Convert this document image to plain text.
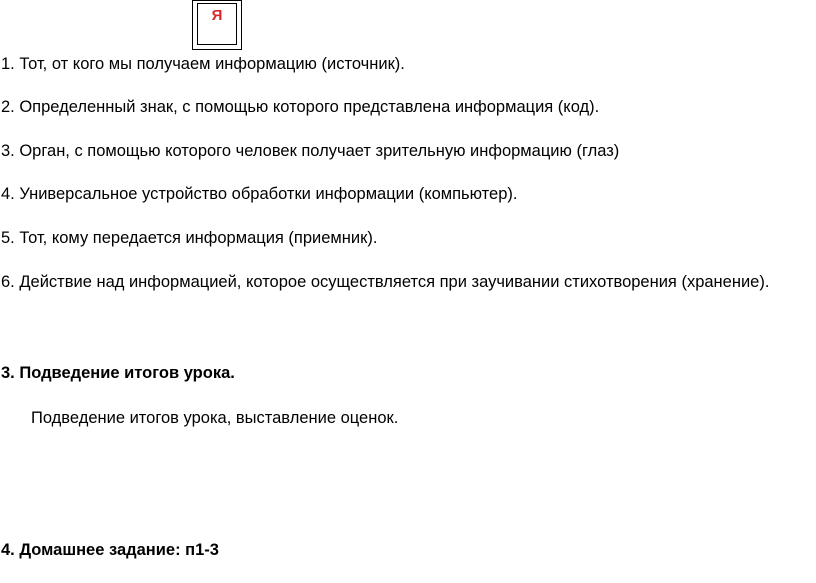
Я
1. Тот, от кого мы получаем информацию (источник).
2. Определенный знак, с помощью которого представлена информация (код).
3. Орган, с помощью которого человек получает зрительную информацию (глаз)
4. Универсальное устройство обработки информации (компьютер).
5. Тот, кому передается информация (приемник).
6. Действие над информацией, которое осуществляется при заучивании стихотворения (хранение).
3. Подведение итогов урока.
Подведение итогов урока, выставление оценок.
4. Домашнее задание: п1-3
